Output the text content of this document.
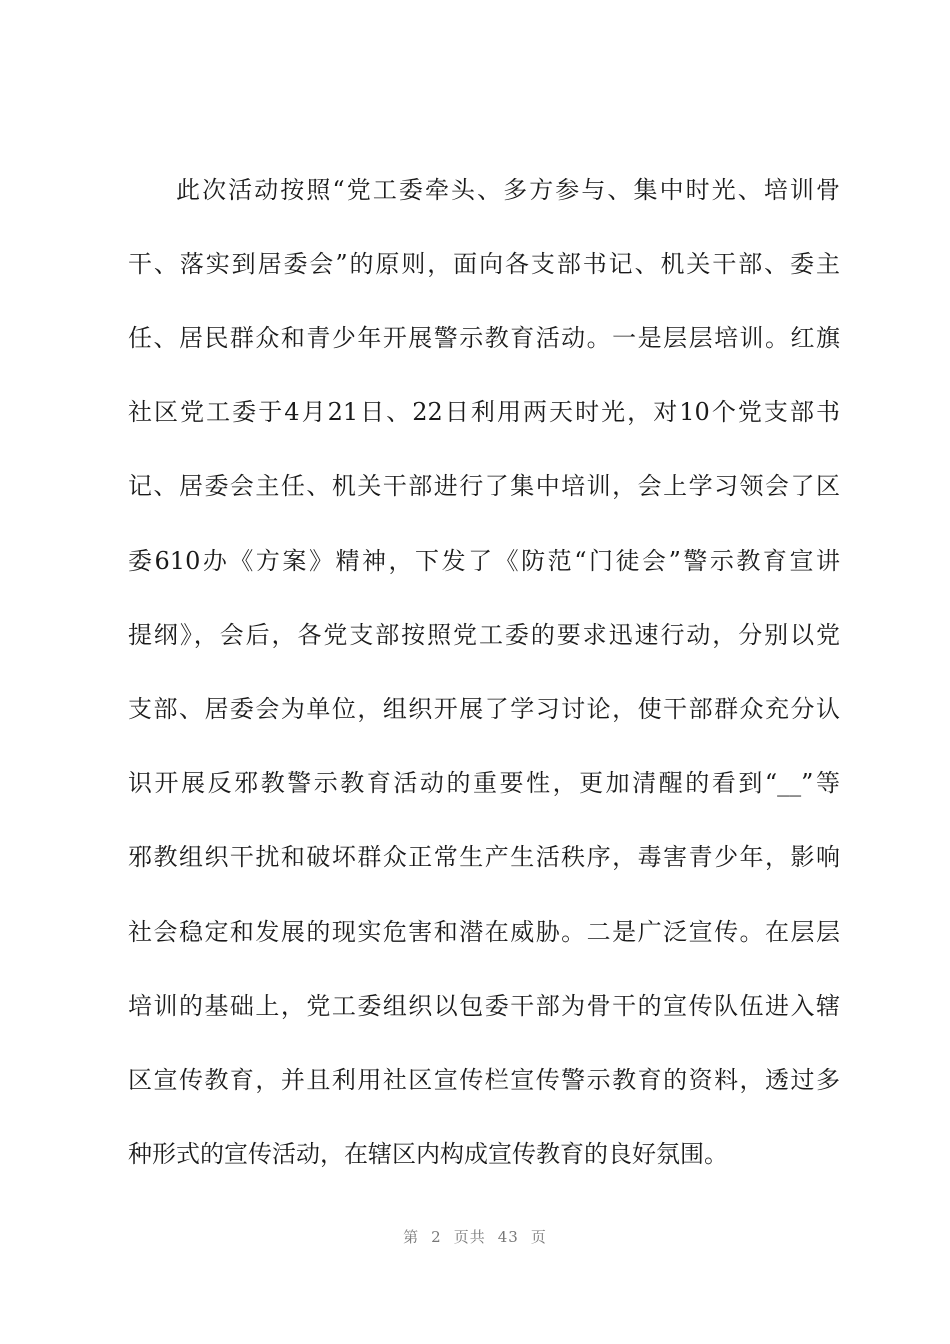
此次活动按照“党工委牵头、多方参与、集中时光、培训骨
干、落实到居委会”的原则，面向各支部书记、机关干部、委主
任、居民群众和青少年开展警示教育活动。一是层层培训。红旗
社区党工委于4月21日、22日利用两天时光，对10个党支部书
记、居委会主任、机关干部进行了集中培训，会上学习领会了区
委610办《方案》精神，下发了《防范“门徒会”警示教育宣讲
提纲》，会后，各党支部按照党工委的要求迅速行动，分别以党
支部、居委会为单位，组织开展了学习讨论，使干部群众充分认
识开展反邪教警示教育活动的重要性，更加清醒的看到“__”等
邪教组织干扰和破坏群众正常生产生活秩序，毒害青少年，影响
社会稳定和发展的现实危害和潜在威胁。二是广泛宣传。在层层
培训的基础上，党工委组织以包委干部为骨干的宣传队伍进入辖
区宣传教育，并且利用社区宣传栏宣传警示教育的资料，透过多
种形式的宣传活动，在辖区内构成宣传教育的良好氛围。
第 2 页共 43 页
